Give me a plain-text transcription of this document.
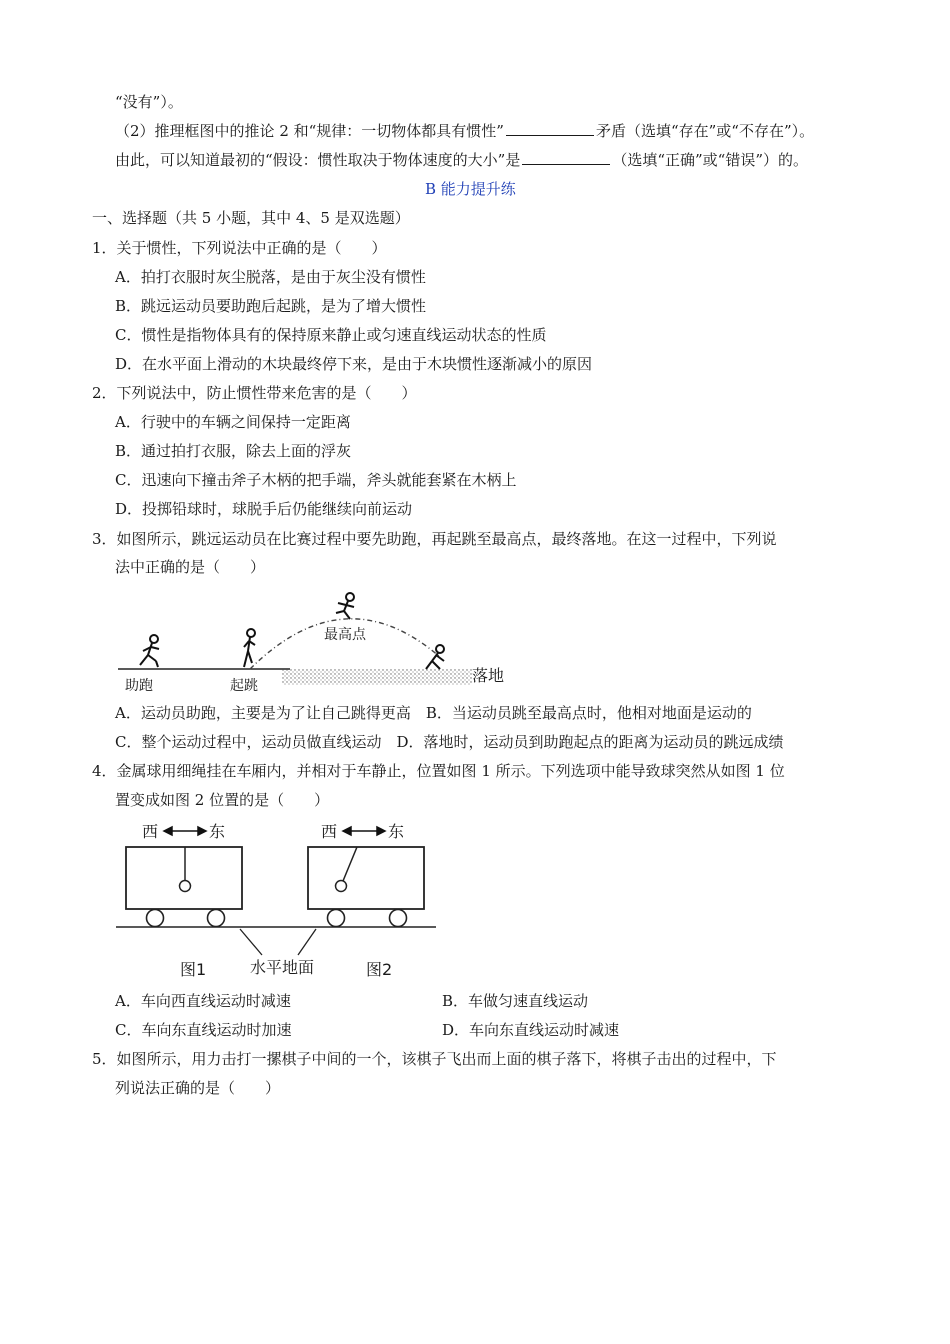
“没有”）。
（2）推理框图中的推论 2 和“规律：一切物体都具有惯性”	矛盾（选填“存在”或“不存在”）。
由此，可以知道最初的“假设：惯性取决于物体速度的大小”是	（选填“正确”或“错误”）的。
B 能力提升练
一、选择题（共 5 小题，其中 4、5 是双选题）
1．关于惯性，下列说法中正确的是（　　）
A．拍打衣服时灰尘脱落，是由于灰尘没有惯性
B．跳远运动员要助跑后起跳，是为了增大惯性
C．惯性是指物体具有的保持原来静止或匀速直线运动状态的性质
D．在水平面上滑动的木块最终停下来，是由于木块惯性逐渐减小的原因
2．下列说法中，防止惯性带来危害的是（　　）
A．行驶中的车辆之间保持一定距离
B．通过拍打衣服，除去上面的浮灰
C．迅速向下撞击斧子木柄的把手端，斧头就能套紧在木柄上
D．投掷铅球时，球脱手后仍能继续向前运动
3．如图所示，跳远运动员在比赛过程中要先助跑，再起跳至最高点，最终落地。在这一过程中，下列说
法中正确的是（　　）
助跑	起跳
最高点
落地
A．运动员助跑，主要是为了让自己跳得更高　B．当运动员跳至最高点时，他相对地面是运动的
C．整个运动过程中，运动员做直线运动　D．落地时，运动员到助跑起点的距离为运动员的跳远成绩
4．金属球用细绳挂在车厢内，并相对于车静止，位置如图 1 所示。下列选项中能导致球突然从如图 1 位
置变成如图 2 位置的是（　　）
西	东	西	东
图1	水平地面	图2
A．车向西直线运动时减速	B．车做匀速直线运动
C．车向东直线运动时加速	D．车向东直线运动时减速
5．如图所示，用力击打一摞棋子中间的一个，该棋子飞出而上面的棋子落下，将棋子击出的过程中，下
列说法正确的是（　　）
